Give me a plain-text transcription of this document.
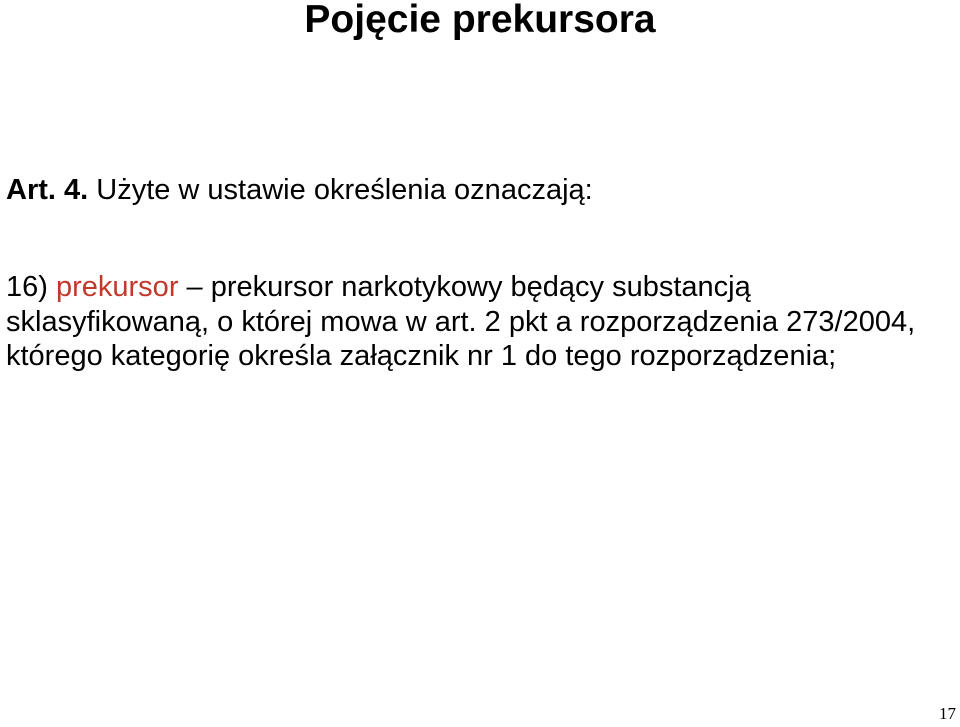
Pojęcie prekursora

Art. 4. Użyte w ustawie określenia oznaczają:

16) prekursor – prekursor narkotykowy będący substancją sklasyfikowaną, o której mowa w art. 2 pkt a rozporządzenia 273/2004, którego kategorię określa załącznik nr 1 do tego rozporządzenia;

17
